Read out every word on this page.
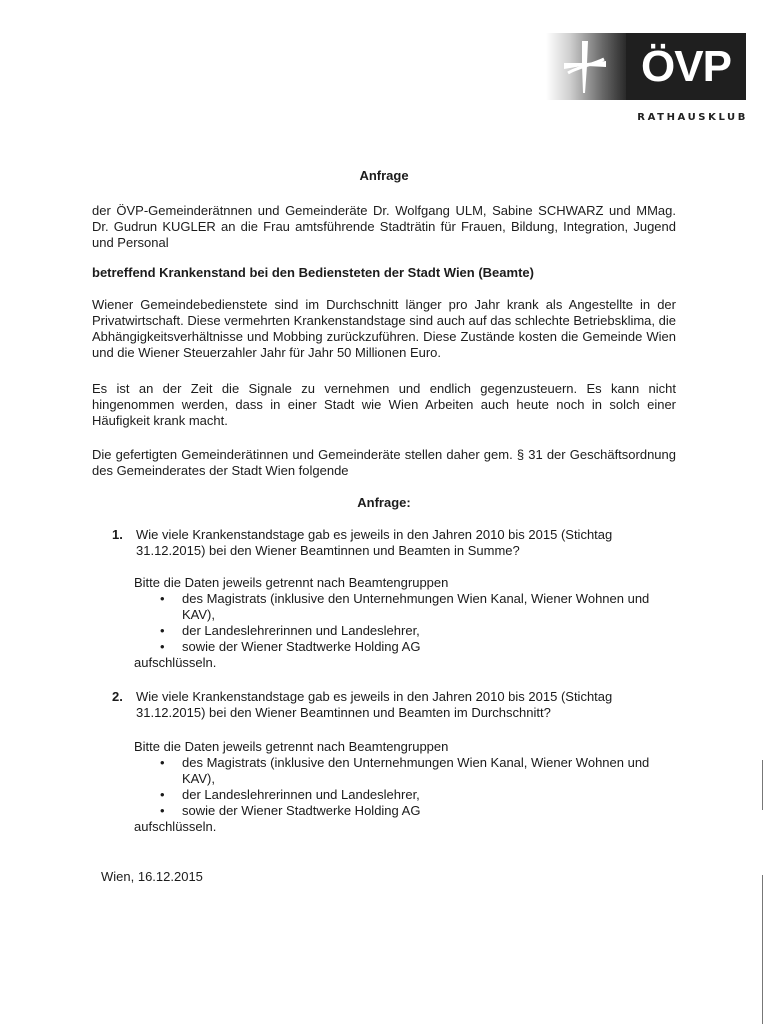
ÖVP
RATHAUSKLUB
Anfrage
der ÖVP-Gemeinderätnnen und Gemeinderäte Dr. Wolfgang ULM, Sabine SCHWARZ und MMag. Dr. Gudrun KUGLER an die Frau amtsführende Stadträtin für Frauen, Bildung, Integration, Jugend und Personal
betreffend Krankenstand bei den Bediensteten der Stadt Wien (Beamte)
Wiener Gemeindebedienstete sind im Durchschnitt länger pro Jahr krank als Angestellte in der Privatwirtschaft. Diese vermehrten Krankenstandstage sind auch auf das schlechte Betriebsklima, die Abhängigkeitsverhältnisse und Mobbing zurückzuführen. Diese Zustände kosten die Gemeinde Wien und die Wiener Steuerzahler Jahr für Jahr 50 Millionen Euro.
Es ist an der Zeit die Signale zu vernehmen und endlich gegenzusteuern. Es kann nicht hingenommen werden, dass in einer Stadt wie Wien Arbeiten auch heute noch in solch einer Häufigkeit krank macht.
Die gefertigten Gemeinderätinnen und Gemeinderäte stellen daher gem. § 31 der Geschäftsordnung des Gemeinderates der Stadt Wien folgende
Anfrage:
1. Wie viele Krankenstandstage gab es jeweils in den Jahren 2010 bis 2015 (Stichtag 31.12.2015) bei den Wiener Beamtinnen und Beamten in Summe?
Bitte die Daten jeweils getrennt nach Beamtengruppen
• des Magistrats (inklusive den Unternehmungen Wien Kanal, Wiener Wohnen und KAV),
• der Landeslehrerinnen und Landeslehrer,
• sowie der Wiener Stadtwerke Holding AG
aufschlüsseln.
2. Wie viele Krankenstandstage gab es jeweils in den Jahren 2010 bis 2015 (Stichtag 31.12.2015) bei den Wiener Beamtinnen und Beamten im Durchschnitt?
Bitte die Daten jeweils getrennt nach Beamtengruppen
• des Magistrats (inklusive den Unternehmungen Wien Kanal, Wiener Wohnen und KAV),
• der Landeslehrerinnen und Landeslehrer,
• sowie der Wiener Stadtwerke Holding AG
aufschlüsseln.
Wien, 16.12.2015
